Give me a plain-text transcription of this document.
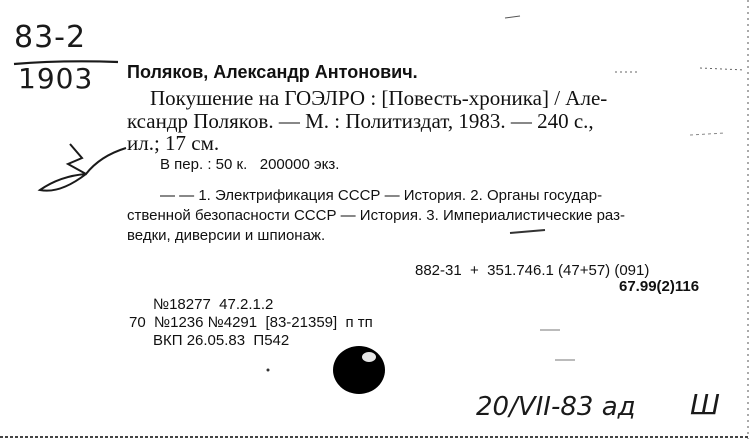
83-2
1903 Поляков, Александр Антонович.
Покушение на ГОЭЛРО : [Повесть-хроника] / Але-
ксандр Поляков. — М. : Политиздат, 1983. — 240 с.,
ил.; 17 см.
В пер. : 50 к.   200000 экз.
— — 1. Электрификация СССР — История. 2. Органы государ-
ственной безопасности СССР — История. 3. Империалистические раз-
ведки, диверсии и шпионаж.
882-31  +  351.746.1 (47+57) (091)
67.99(2)116
№18277  47.2.1.2
70  №1236 №4291  [83-21359]  п тп
ВКП 26.05.83  П542
20/VII-83 ад Ш
